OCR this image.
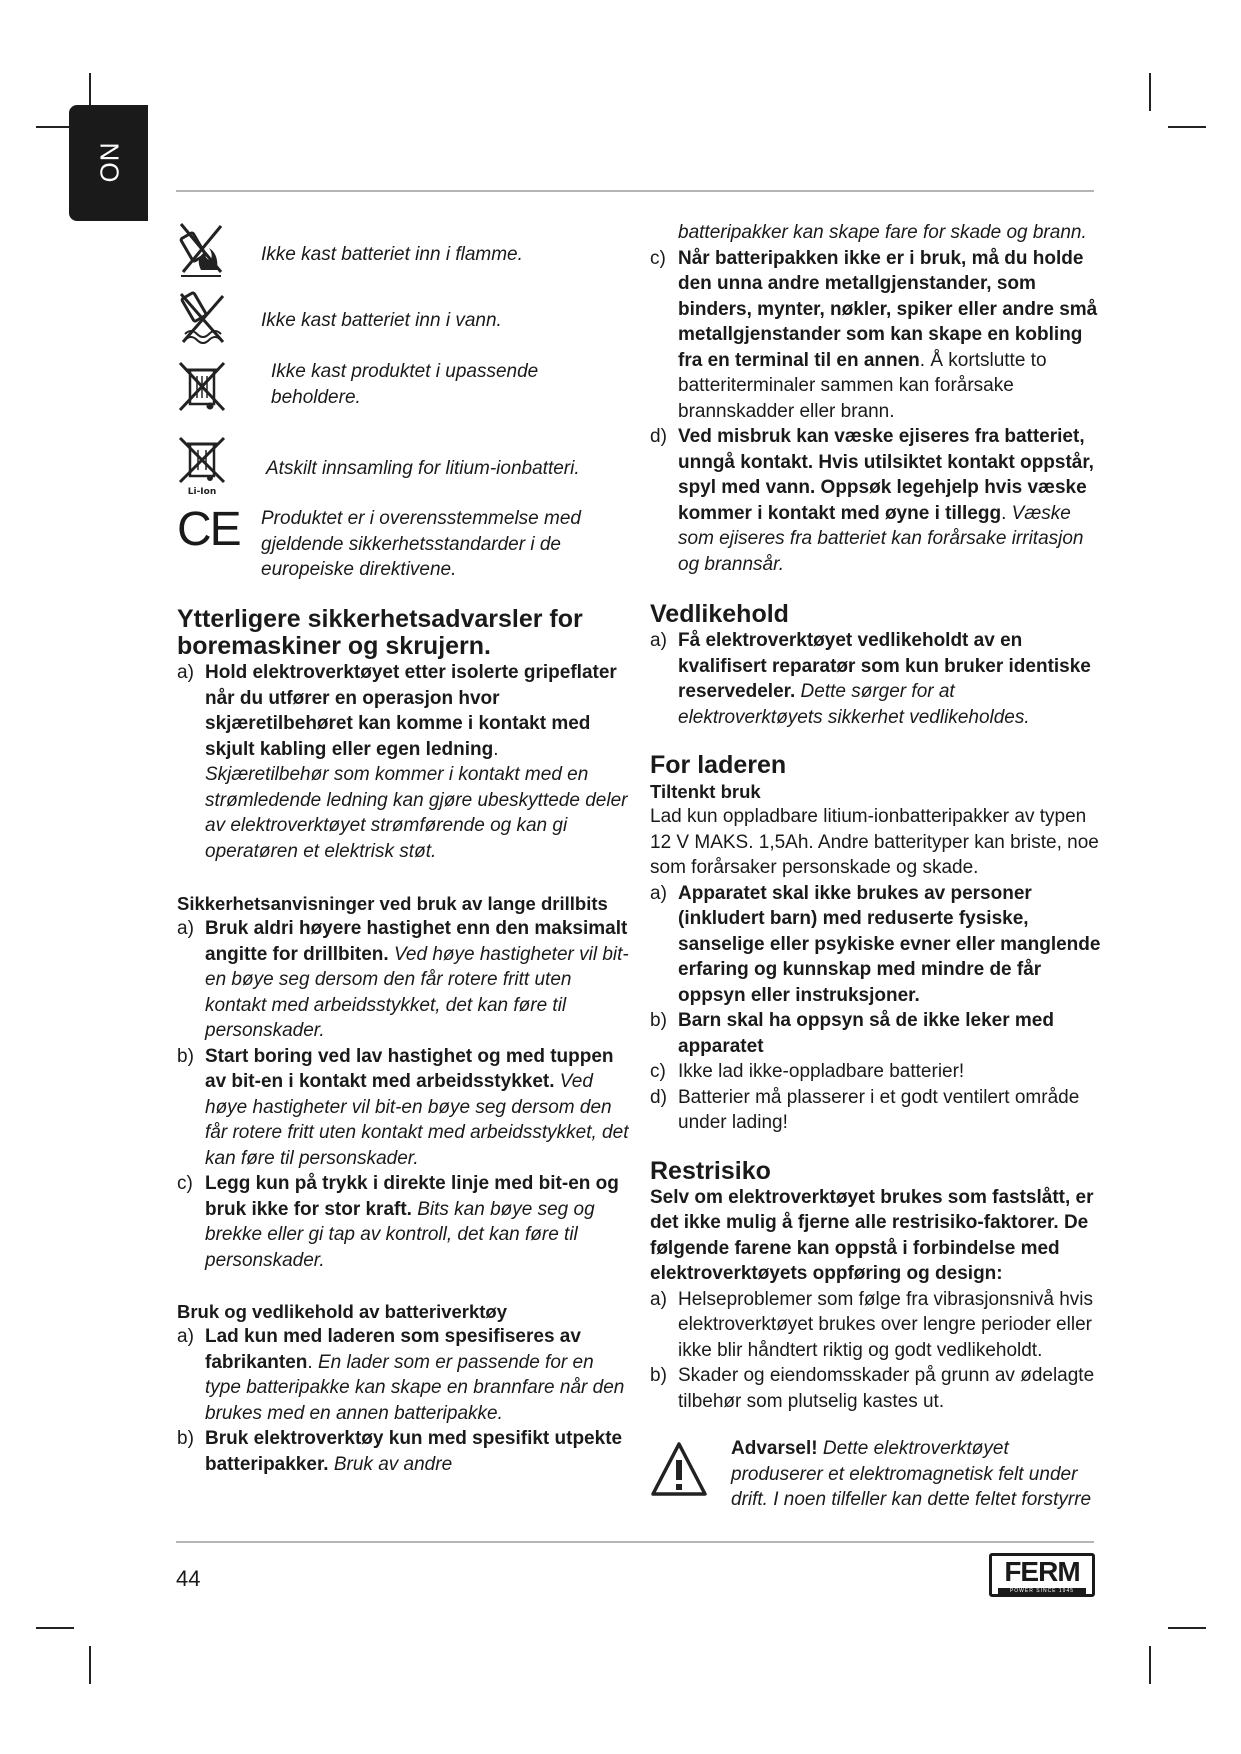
NO

Ikke kast batteriet inn i flamme.

Ikke kast batteriet inn i vann.

Ikke kast produktet i upassende beholdere.

Li-Ion

Atskilt innsamling for litium-ionbatteri.

CE Produktet er i overensstemmelse med gjeldende sikkerhetsstandarder i de europeiske direktivene.

Ytterligere sikkerhetsadvarsler for boremaskiner og skrujern.

a) Hold elektroverktøyet etter isolerte gripeflater når du utfører en operasjon hvor skjæretilbehøret kan komme i kontakt med skjult kabling eller egen ledning.
Skjæretilbehør som kommer i kontakt med en strømledende ledning kan gjøre ubeskyttede deler av elektroverktøyet strømførende og kan gi operatøren et elektrisk støt.

Sikkerhetsanvisninger ved bruk av lange drillbits

a) Bruk aldri høyere hastighet enn den maksimalt angitte for drillbiten. Ved høye hastigheter vil bit-en bøye seg dersom den får rotere fritt uten kontakt med arbeidsstykket, det kan føre til personskader.
b) Start boring ved lav hastighet og med tuppen av bit-en i kontakt med arbeidsstykket. Ved høye hastigheter vil bit-en bøye seg dersom den får rotere fritt uten kontakt med arbeidsstykket, det kan føre til personskader.
c) Legg kun på trykk i direkte linje med bit-en og bruk ikke for stor kraft. Bits kan bøye seg og brekke eller gi tap av kontroll, det kan føre til personskader.

Bruk og vedlikehold av batteriverktøy

a) Lad kun med laderen som spesifiseres av fabrikanten. En lader som er passende for en type batteripakke kan skape en brannfare når den brukes med en annen batteripakke.
b) Bruk elektroverktøy kun med spesifikt utpekte batteripakker. Bruk av andre

batteripakker kan skape fare for skade og brann.

c) Når batteripakken ikke er i bruk, må du holde den unna andre metallgjenstander, som binders, mynter, nøkler, spiker eller andre små metallgjenstander som kan skape en kobling fra en terminal til en annen. Å kortslutte to batteriterminaler sammen kan forårsake brannskadder eller brann.
d) Ved misbruk kan væske ejiseres fra batteriet, unngå kontakt. Hvis utilsiktet kontakt oppstår, spyl med vann. Oppsøk legehjelp hvis væske kommer i kontakt med øyne i tillegg. Væske som ejiseres fra batteriet kan forårsake irritasjon og brannsår.

Vedlikehold

a) Få elektroverktøyet vedlikeholdt av en kvalifisert reparatør som kun bruker identiske reservedeler. Dette sørger for at elektroverktøyets sikkerhet vedlikeholdes.

For laderen

Tiltenkt bruk

Lad kun oppladbare litium-ionbatteripakker av typen 12 V MAKS. 1,5Ah. Andre batterityper kan briste, noe som forårsaker personskade og skade.

a) Apparatet skal ikke brukes av personer (inkludert barn) med reduserte fysiske, sanselige eller psykiske evner eller manglende erfaring og kunnskap med mindre de får oppsyn eller instruksjoner.
b) Barn skal ha oppsyn så de ikke leker med apparatet
c) Ikke lad ikke-oppladbare batterier!
d) Batterier må plasserer i et godt ventilert område under lading!

Restrisiko

Selv om elektroverktøyet brukes som fastslått, er det ikke mulig å fjerne alle restrisiko-faktorer. De følgende farene kan oppstå i forbindelse med elektroverktøyets oppføring og design:

a) Helseproblemer som følge fra vibrasjonsnivå hvis elektroverktøyet brukes over lengre perioder eller ikke blir håndtert riktig og godt vedlikeholdt.
b) Skader og eiendomsskader på grunn av ødelagte tilbehør som plutselig kastes ut.

Advarsel! Dette elektroverktøyet produserer et elektromagnetisk felt under drift. I noen tilfeller kan dette feltet forstyrre

44	FERM
POWER SINCE 1945
